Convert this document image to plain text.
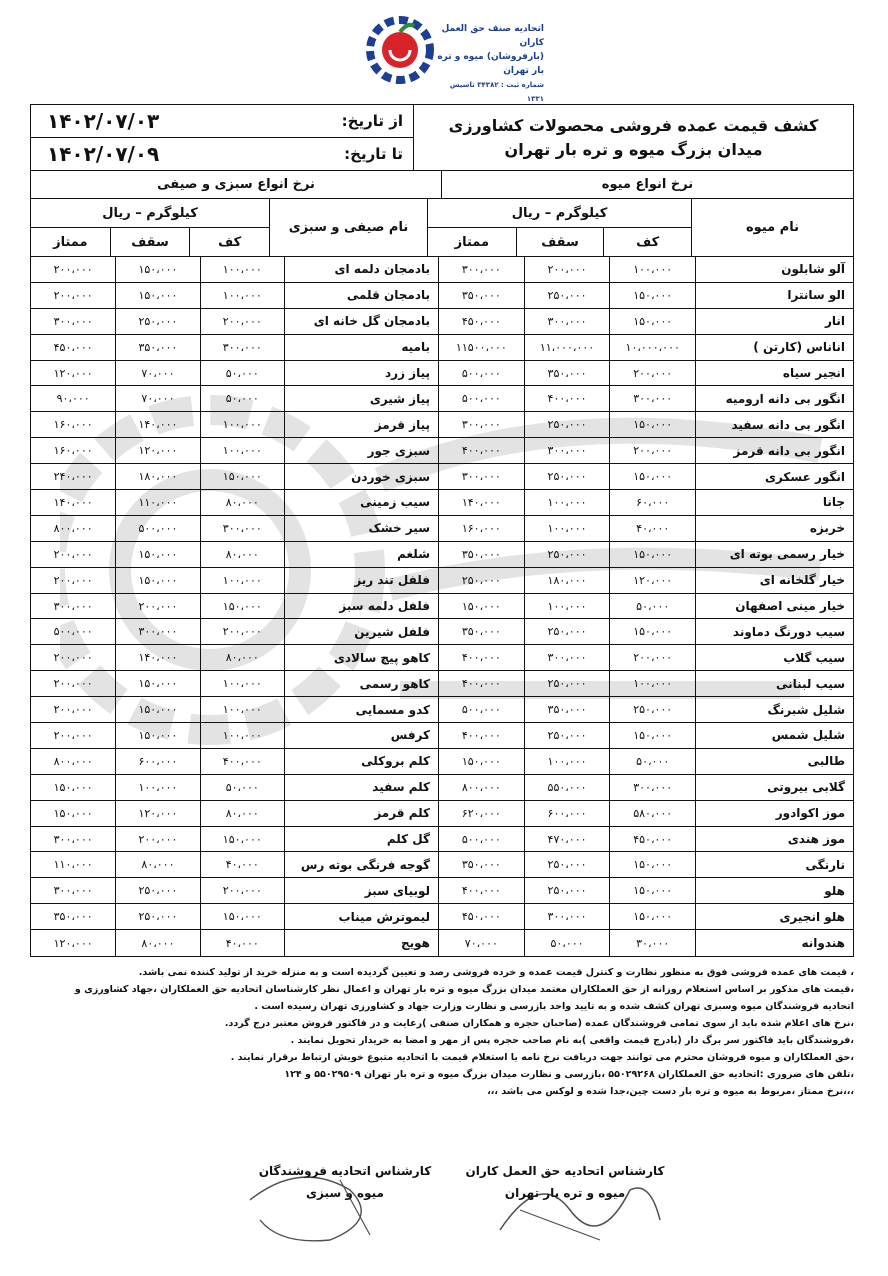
اتحادیه صنف حق العمل کاران
(بارفروشان) میوه و تره بار تهران
شماره ثبت : ۳۴۳۸۲ تاسیس ۱۳۳۱
کشف قیمت عمده فروشی محصولات کشاورزی
میدان بزرگ میوه و تره بار تهران
از تاریخ:
۱۴۰۲/۰۷/۰۳
تا تاریخ:
۱۴۰۲/۰۷/۰۹
نرخ انواع میوه
نرخ انواع سبزی و صیفی
نام میوه
کیلوگرم – ریال
کف
سقف
ممتاز
نام صیفی و سبزی
کیلوگرم – ریال
کف
سقف
ممتاز
آلو شابلون
۱۰۰،۰۰۰
۲۰۰،۰۰۰
۳۰۰،۰۰۰
بادمجان دلمه ای
۱۰۰،۰۰۰
۱۵۰،۰۰۰
۲۰۰،۰۰۰
الو سانترا
۱۵۰،۰۰۰
۲۵۰،۰۰۰
۳۵۰،۰۰۰
بادمجان قلمی
۱۰۰،۰۰۰
۱۵۰،۰۰۰
۲۰۰،۰۰۰
انار
۱۵۰،۰۰۰
۳۰۰،۰۰۰
۴۵۰،۰۰۰
بادمجان گل خانه ای
۲۰۰،۰۰۰
۲۵۰،۰۰۰
۳۰۰،۰۰۰
اناناس (کارتن )
۱۰،۰۰۰،۰۰۰
۱۱،۰۰۰،۰۰۰
۱۱۵۰۰،۰۰۰
بامیه
۳۰۰،۰۰۰
۳۵۰،۰۰۰
۴۵۰،۰۰۰
انجیر سیاه
۲۰۰،۰۰۰
۳۵۰،۰۰۰
۵۰۰،۰۰۰
پیاز زرد
۵۰،۰۰۰
۷۰،۰۰۰
۱۲۰،۰۰۰
انگور بی دانه ارومیه
۳۰۰،۰۰۰
۴۰۰،۰۰۰
۵۰۰،۰۰۰
پیاز شیری
۵۰،۰۰۰
۷۰،۰۰۰
۹۰،۰۰۰
انگور بی دانه سفید
۱۵۰،۰۰۰
۲۵۰،۰۰۰
۳۰۰،۰۰۰
پیاز قرمز
۱۰۰،۰۰۰
۱۴۰،۰۰۰
۱۶۰،۰۰۰
انگور بی دانه قرمز
۲۰۰،۰۰۰
۳۰۰،۰۰۰
۴۰۰،۰۰۰
سبزی جور
۱۰۰،۰۰۰
۱۲۰،۰۰۰
۱۶۰،۰۰۰
انگور عسکری
۱۵۰،۰۰۰
۲۵۰،۰۰۰
۳۰۰،۰۰۰
سبزی خوردن
۱۵۰،۰۰۰
۱۸۰،۰۰۰
۲۴۰،۰۰۰
جانا
۶۰،۰۰۰
۱۰۰،۰۰۰
۱۴۰،۰۰۰
سیب زمینی
۸۰،۰۰۰
۱۱۰،۰۰۰
۱۴۰،۰۰۰
خربزه
۴۰،۰۰۰
۱۰۰،۰۰۰
۱۶۰،۰۰۰
سیر خشک
۳۰۰،۰۰۰
۵۰۰،۰۰۰
۸۰۰،۰۰۰
خیار رسمی بوته ای
۱۵۰،۰۰۰
۲۵۰،۰۰۰
۳۵۰،۰۰۰
شلغم
۸۰،۰۰۰
۱۵۰،۰۰۰
۲۰۰،۰۰۰
خیار گلخانه ای
۱۲۰،۰۰۰
۱۸۰،۰۰۰
۲۵۰،۰۰۰
فلفل تند ریز
۱۰۰،۰۰۰
۱۵۰،۰۰۰
۲۰۰،۰۰۰
خیار مینی اصفهان
۵۰،۰۰۰
۱۰۰،۰۰۰
۱۵۰،۰۰۰
فلفل دلمه سبز
۱۵۰،۰۰۰
۲۰۰،۰۰۰
۳۰۰،۰۰۰
سیب دورنگ دماوند
۱۵۰،۰۰۰
۲۵۰،۰۰۰
۳۵۰،۰۰۰
فلفل شیرین
۲۰۰،۰۰۰
۳۰۰،۰۰۰
۵۰۰،۰۰۰
سیب گلاب
۲۰۰،۰۰۰
۳۰۰،۰۰۰
۴۰۰،۰۰۰
کاهو پیچ سالادی
۸۰،۰۰۰
۱۴۰،۰۰۰
۲۰۰،۰۰۰
سیب لبنانی
۱۰۰،۰۰۰
۲۵۰،۰۰۰
۴۰۰،۰۰۰
کاهو رسمی
۱۰۰،۰۰۰
۱۵۰،۰۰۰
۲۰۰،۰۰۰
شلیل شبرنگ
۲۵۰،۰۰۰
۳۵۰،۰۰۰
۵۰۰،۰۰۰
کدو مسمایی
۱۰۰،۰۰۰
۱۵۰،۰۰۰
۲۰۰،۰۰۰
شلیل شمس
۱۵۰،۰۰۰
۲۵۰،۰۰۰
۴۰۰،۰۰۰
کرفس
۱۰۰،۰۰۰
۱۵۰،۰۰۰
۲۰۰،۰۰۰
طالبی
۵۰،۰۰۰
۱۰۰،۰۰۰
۱۵۰،۰۰۰
کلم بروکلی
۴۰۰،۰۰۰
۶۰۰،۰۰۰
۸۰۰،۰۰۰
گلابی بیروتی
۳۰۰،۰۰۰
۵۵۰،۰۰۰
۸۰۰،۰۰۰
کلم سفید
۵۰،۰۰۰
۱۰۰،۰۰۰
۱۵۰،۰۰۰
موز اکوادور
۵۸۰،۰۰۰
۶۰۰،۰۰۰
۶۲۰،۰۰۰
کلم قرمز
۸۰،۰۰۰
۱۲۰،۰۰۰
۱۵۰،۰۰۰
موز هندی
۴۵۰،۰۰۰
۴۷۰،۰۰۰
۵۰۰،۰۰۰
گل کلم
۱۵۰،۰۰۰
۲۰۰،۰۰۰
۳۰۰،۰۰۰
نارنگی
۱۵۰،۰۰۰
۲۵۰،۰۰۰
۳۵۰،۰۰۰
گوجه فرنگی بوته رس
۴۰،۰۰۰
۸۰،۰۰۰
۱۱۰،۰۰۰
هلو
۱۵۰،۰۰۰
۲۵۰،۰۰۰
۴۰۰،۰۰۰
لوبیای سبز
۲۰۰،۰۰۰
۲۵۰،۰۰۰
۳۰۰،۰۰۰
هلو انجیری
۱۵۰،۰۰۰
۳۰۰،۰۰۰
۴۵۰،۰۰۰
لیموترش میناب
۱۵۰،۰۰۰
۲۵۰،۰۰۰
۳۵۰،۰۰۰
هندوانه
۳۰،۰۰۰
۵۰،۰۰۰
۷۰،۰۰۰
هویج
۴۰،۰۰۰
۸۰،۰۰۰
۱۲۰،۰۰۰

، قیمت های عمده فروشی فوق به منظور نظارت و کنترل قیمت عمده و خرده فروشی رصد و تعیین گردیده است و به منزله خرید از تولید کننده نمی باشد.

،قیمت های مذکور بر اساس استعلام روزانه از حق العملکاران معتمد میدان بزرگ میوه و تره بار تهران و اعمال نظر کارشناسان اتحادیه حق العملکاران ،جهاد کشاورزی و

اتحادیه فروشندگان میوه وسبزی تهران کشف شده و به تایید واحد بازرسی و نظارت وزارت جهاد و کشاورزی تهران رسیده است .

،نرخ های اعلام شده باید از سوی تمامی فروشندگان عمده (صاحبان حجره و همکاران صنفی )رعایت و در فاکتور فروش معتبر درج گردد.

،فروشندگان باید فاکتور سر برگ دار (بادرج قیمت واقعی )به نام صاحب حجره پس از مهر و امضا به خریدار تحویل نمایند .

،حق العملکاران و میوه فروشان محترم می توانند جهت دریافت نرخ نامه یا استعلام قیمت با اتحادیه متبوع خویش ارتباط برقرار نمایند .

،تلفن های ضروری :اتحادیه حق العملکاران ۵۵۰۲۹۲۶۸ ،بازرسی و نظارت میدان بزرگ میوه و تره بار تهران ۵۵۰۲۹۵۰۹ و ۱۲۴

،،،نرخ ممتاز ،مربوط به میوه و تره بار دست چین،جدا شده و لوکس می باشد ،،،

کارشناس اتحادیه حق العمل کاران
میوه و تره بار تهران
کارشناس اتحادیه فروشندگان
میوه و سبزی
